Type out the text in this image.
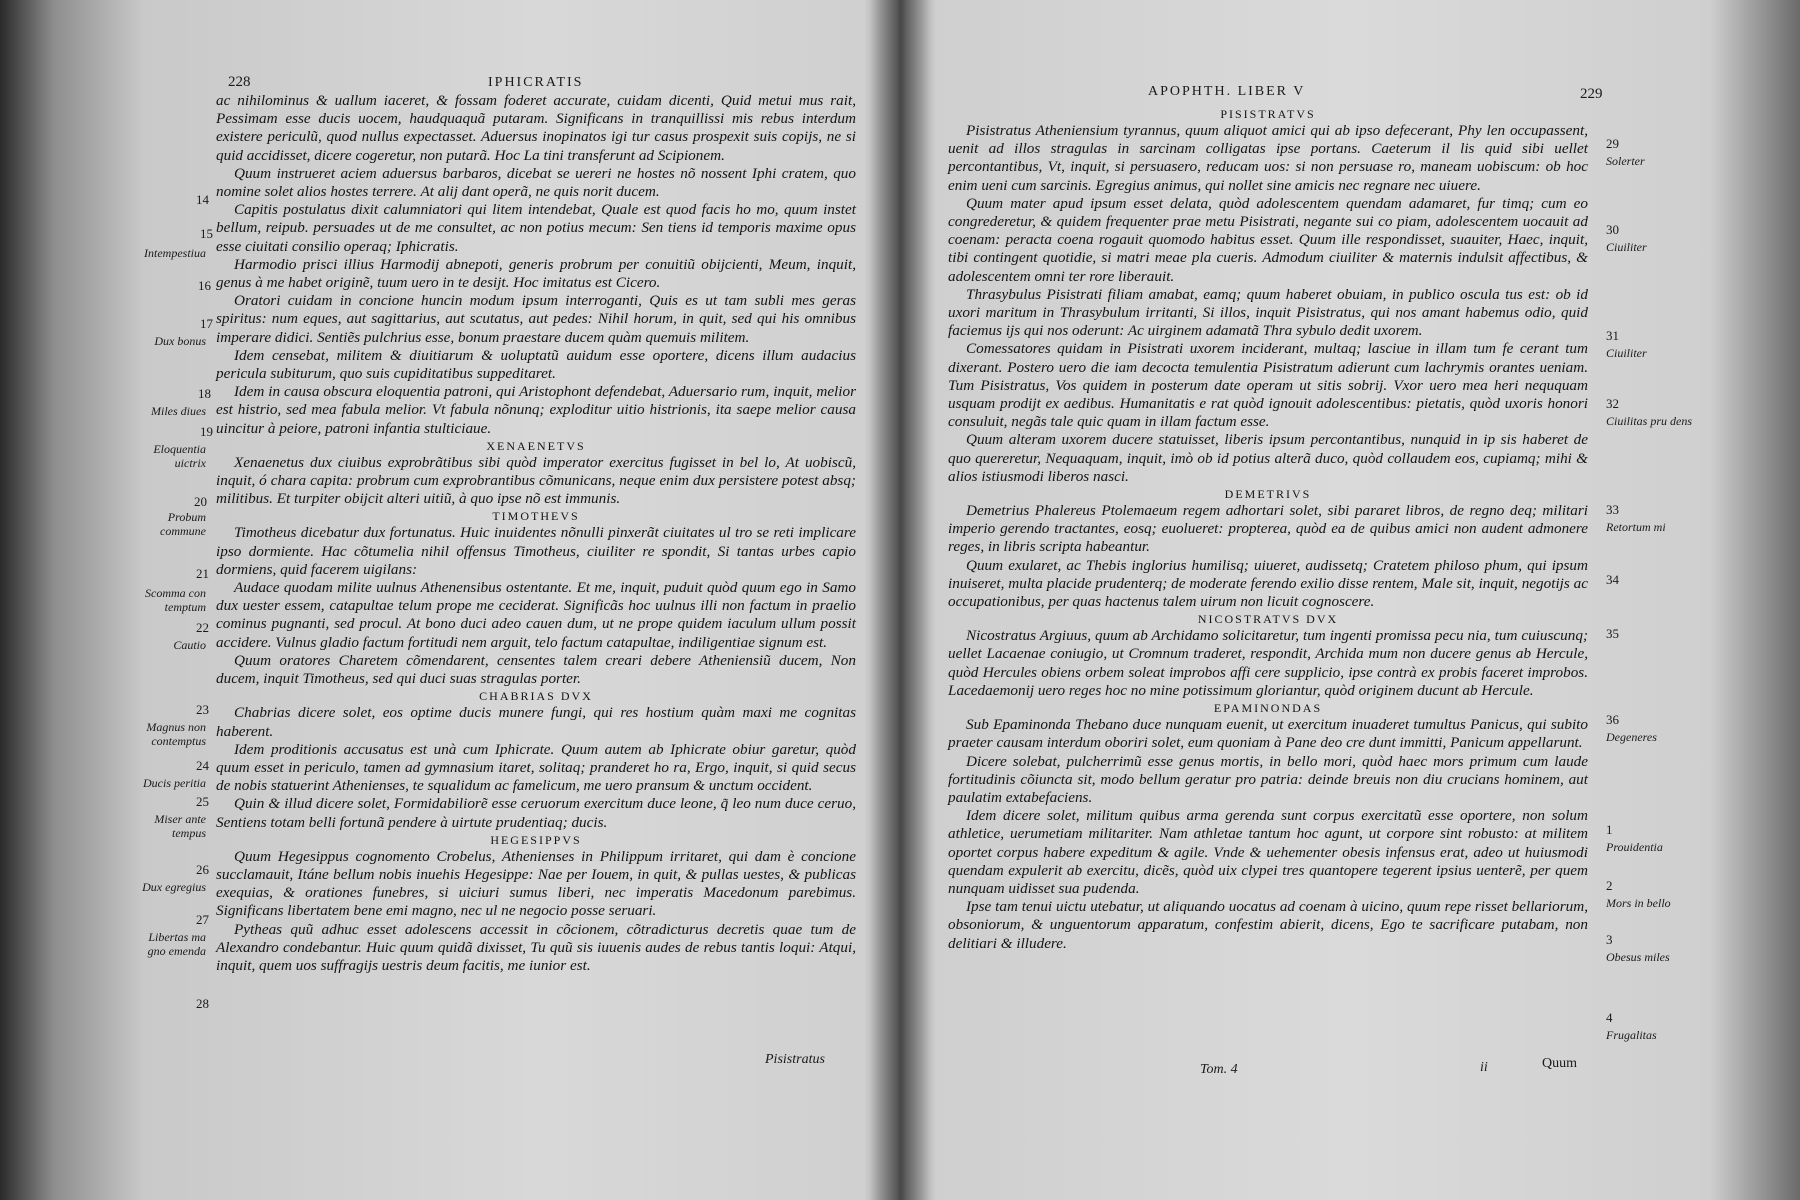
228	IPHICRATIS
14
15
Intempestiua
16
17
Dux bonus
18
Miles diues
19
Eloquentia uictrix
20
Probum commune
21
Scomma con temptum
22
Cautio
23
Magnus non contemptus
24
Ducis peritia
25
Miser ante tempus
26
Dux egregius
27
Libertas ma gno emenda
28

ac nihilominus & uallum iaceret, & fossam foderet accurate, cuidam dicenti, Quid metui mus rait, Pessimam esse ducis uocem, haudquaquã putaram. Significans in tranquillissi mis rebus interdum existere periculũ, quod nullus expectasset. Aduersus inopinatos igi tur casus prospexit suis copijs, ne si quid accidisset, dicere cogeretur, non putarã. Hoc La tini transferunt ad Scipionem.

Quum instrueret aciem aduersus barbaros, dicebat se uereri ne hostes nõ nossent Iphi cratem, quo nomine solet alios hostes terrere. At alij dant operã, ne quis norit ducem.

Capitis postulatus dixit calumniatori qui litem intendebat, Quale est quod facis ho mo, quum instet bellum, reipub. persuades ut de me consultet, ac non potius mecum: Sen tiens id temporis maxime opus esse ciuitati consilio operaq; Iphicratis.

Harmodio prisci illius Harmodij abnepoti, generis probrum per conuitiũ obijcienti, Meum, inquit, genus à me habet originẽ, tuum uero in te desijt. Hoc imitatus est Cicero.

Oratori cuidam in concione huncin modum ipsum interroganti, Quis es ut tam subli mes geras spiritus: num eques, aut sagittarius, aut scutatus, aut pedes: Nihil horum, in quit, sed qui his omnibus imperare didici. Sentiẽs pulchrius esse, bonum praestare ducem quàm quemuis militem.

Idem censebat, militem & diuitiarum & uoluptatũ auidum esse oportere, dicens illum audacius pericula subiturum, quo suis cupiditatibus suppeditaret.

Idem in causa obscura eloquentia patroni, qui Aristophont defendebat, Aduersario rum, inquit, melior est histrio, sed mea fabula melior. Vt fabula nõnunq; exploditur uitio histrionis, ita saepe melior causa uincitur à peiore, patroni infantia stulticiaue.

XENAENETVS

Xenaenetus dux ciuibus exprobrãtibus sibi quòd imperator exercitus fugisset in bel lo, At uobiscũ, inquit, ó chara capita: probrum cum exprobrantibus cõmunicans, neque enim dux persistere potest absq; militibus. Et turpiter obijcit alteri uitiũ, à quo ipse nõ est immunis.

TIMOTHEVS

Timotheus dicebatur dux fortunatus. Huic inuidentes nõnulli pinxerãt ciuitates ul tro se reti implicare ipso dormiente. Hac cõtumelia nihil offensus Timotheus, ciuiliter re spondit, Si tantas urbes capio dormiens, quid facerem uigilans:

Audace quodam milite uulnus Athenensibus ostentante. Et me, inquit, puduit quòd quum ego in Samo dux uester essem, catapultae telum prope me ceciderat. Significãs hoc uulnus illi non factum in praelio cominus pugnanti, sed procul. At bono duci adeo cauen dum, ut ne prope quidem iaculum ullum possit accidere. Vulnus gladio factum fortitudi nem arguit, telo factum catapultae, indiligentiae signum est.

Quum oratores Charetem cõmendarent, censentes talem creari debere Atheniensiũ ducem, Non ducem, inquit Timotheus, sed qui duci suas stragulas porter.

CHABRIAS DVX

Chabrias dicere solet, eos optime ducis munere fungi, qui res hostium quàm maxi me cognitas haberent.

Idem proditionis accusatus est unà cum Iphicrate. Quum autem ab Iphicrate obiur garetur, quòd quum esset in periculo, tamen ad gymnasium itaret, solitaq; pranderet ho ra, Ergo, inquit, si quid secus de nobis statuerint Athenienses, te squalidum ac famelicum, me uero pransum & unctum occident.

Quin & illud dicere solet, Formidabiliorẽ esse ceruorum exercitum duce leone, q̃ leo num duce ceruo, Sentiens totam belli fortunã pendere à uirtute prudentiaq; ducis.

HEGESIPPVS

Quum Hegesippus cognomento Crobelus, Athenienses in Philippum irritaret, qui dam è concione succlamauit, Itáne bellum nobis inuehis Hegesippe: Nae per Iouem, in quit, & pullas uestes, & publicas exequias, & orationes funebres, si uiciuri sumus liberi, nec imperatis Macedonum parebimus. Significans libertatem bene emi magno, nec ul ne negocio posse seruari.

Pytheas quũ adhuc esset adolescens accessit in cõcionem, cõtradicturus decretis quae tum de Alexandro condebantur. Huic quum quidã dixisset, Tu quũ sis iuuenis audes de rebus tantis loqui: Atqui, inquit, quem uos suffragijs uestris deum facitis, me iunior est.

Pisistratus
APOPHTH. LIBER V	229

PISISTRATVS

Pisistratus Atheniensium tyrannus, quum aliquot amici qui ab ipso defecerant, Phy len occupassent, uenit ad illos stragulas in sarcinam colligatas ipse portans. Caeterum il lis quid sibi uellet percontantibus, Vt, inquit, si persuasero, reducam uos: si non persuase ro, maneam uobiscum: ob hoc enim ueni cum sarcinis. Egregius animus, qui nollet sine amicis nec regnare nec uiuere.

Quum mater apud ipsum esset delata, quòd adolescentem quendam adamaret, fur timq; cum eo congrederetur, & quidem frequenter prae metu Pisistrati, negante sui co piam, adolescentem uocauit ad coenam: peracta coena rogauit quomodo habitus esset. Quum ille respondisset, suauiter, Haec, inquit, tibi contingent quotidie, si matri meae pla cueris. Admodum ciuiliter & maternis indulsit affectibus, & adolescentem omni ter rore liberauit.

Thrasybulus Pisistrati filiam amabat, eamq; quum haberet obuiam, in publico oscula tus est: ob id uxori maritum in Thrasybulum irritanti, Si illos, inquit Pisistratus, qui nos amant habemus odio, quid faciemus ijs qui nos oderunt: Ac uirginem adamatã Thra sybulo dedit uxorem.

Comessatores quidam in Pisistrati uxorem inciderant, multaq; lasciue in illam tum fe cerant tum dixerant. Postero uero die iam decocta temulentia Pisistratum adierunt cum lachrymis orantes ueniam. Tum Pisistratus, Vos quidem in posterum date operam ut sitis sobrij. Vxor uero mea heri neququam usquam prodijt ex aedibus. Humanitatis e rat quòd ignouit adolescentibus: pietatis, quòd uxoris honori consuluit, negãs tale quic quam in illam factum esse.

Quum alteram uxorem ducere statuisset, liberis ipsum percontantibus, nunquid in ip sis haberet de quo quereretur, Nequaquam, inquit, imò ob id potius alterã duco, quòd collaudem eos, cupiamq; mihi & alios istiusmodi liberos nasci.

DEMETRIVS

Demetrius Phalereus Ptolemaeum regem adhortari solet, sibi pararet libros, de regno deq; militari imperio gerendo tractantes, eosq; euolueret: propterea, quòd ea de quibus amici non audent admonere reges, in libris scripta habeantur.

Quum exularet, ac Thebis inglorius humilisq; uiueret, audissetq; Cratetem philoso phum, qui ipsum inuiseret, multa placide prudenterq; de moderate ferendo exilio disse rentem, Male sit, inquit, negotijs ac occupationibus, per quas hactenus talem uirum non licuit cognoscere.

NICOSTRATVS DVX

Nicostratus Argiuus, quum ab Archidamo solicitaretur, tum ingenti promissa pecu nia, tum cuiuscunq; uellet Lacaenae coniugio, ut Cromnum traderet, respondit, Archida mum non ducere genus ab Hercule, quòd Hercules obiens orbem soleat improbos affi cere supplicio, ipse contrà ex probis faceret improbos. Lacedaemonij uero reges hoc no mine potissimum gloriantur, quòd originem ducunt ab Hercule.

EPAMINONDAS

Sub Epaminonda Thebano duce nunquam euenit, ut exercitum inuaderet tumultus Panicus, qui subito praeter causam interdum oboriri solet, eum quoniam à Pane deo cre dunt immitti, Panicum appellarunt.

Dicere solebat, pulcherrimũ esse genus mortis, in bello mori, quòd haec mors primum cum laude fortitudinis cõiuncta sit, modo bellum geratur pro patria: deinde breuis non diu crucians hominem, aut paulatim extabefaciens.

Idem dicere solet, militum quibus arma gerenda sunt corpus exercitatũ esse oportere, non solum athletice, uerumetiam militariter. Nam athletae tantum hoc agunt, ut corpore sint robusto: at militem oportet corpus habere expeditum & agile. Vnde & uehementer obesis infensus erat, adeo ut huiusmodi quendam expulerit ab exercitu, dicẽs, quòd uix clypei tres quantopere tegerent ipsius uenterẽ, per quem nunquam uidisset sua pudenda.

Ipse tam tenui uictu utebatur, ut aliquando uocatus ad coenam à uicino, quum repe risset bellariorum, obsoniorum, & unguentorum apparatum, confestim abierit, dicens, Ego te sacrificare putabam, non delitiari & illudere.

29
Solerter
30
Ciuiliter
31
Ciuiliter
32
Ciuilitas pru dens
33
Retortum mi
34
35
36
Degeneres
1
Prouidentia
2
Mors in bello
3
Obesus miles
4
Frugalitas
Tom. 4	ii	Quum
